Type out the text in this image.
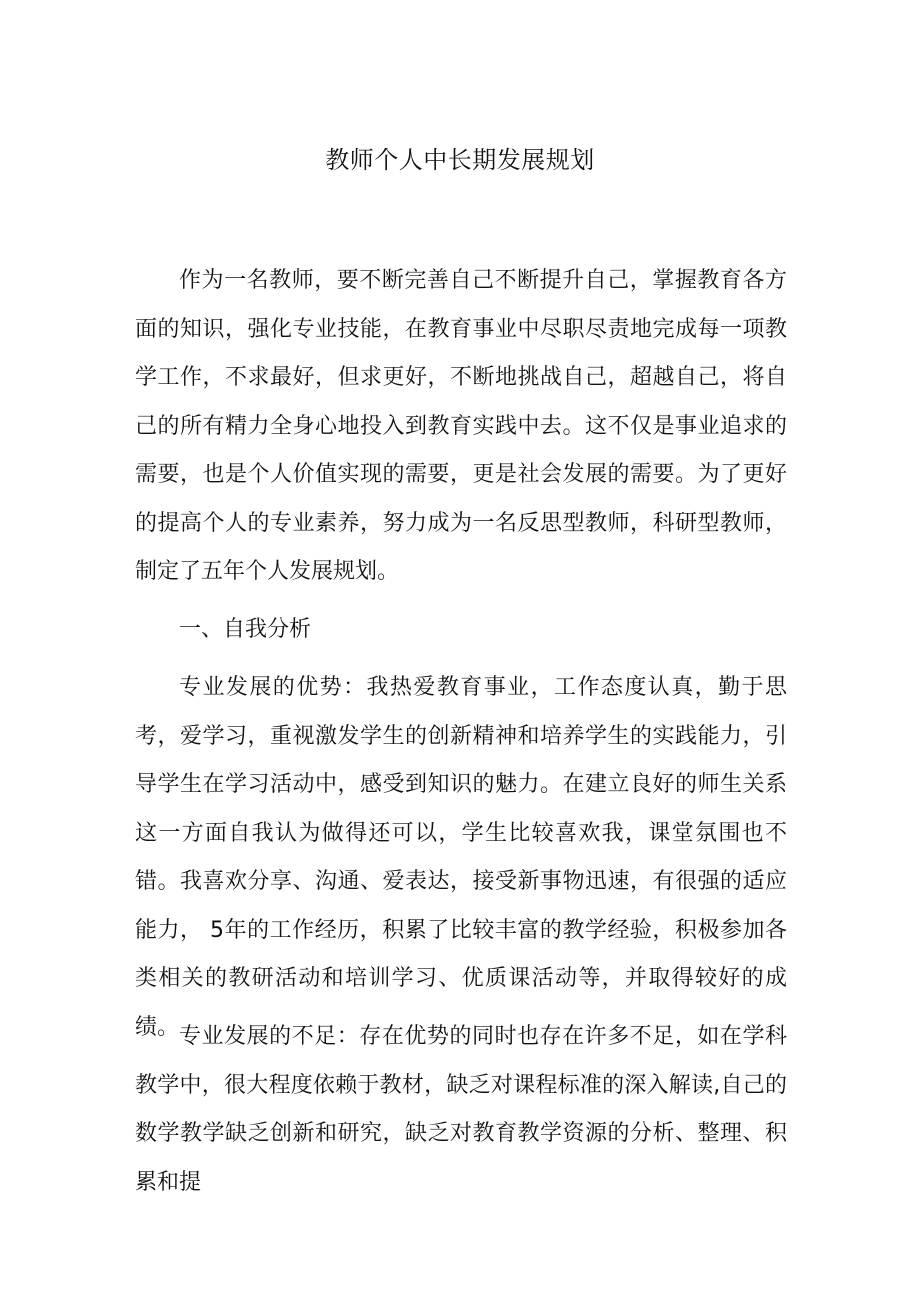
教师个人中长期发展规划

作为一名教师，要不断完善自己不断提升自己，掌握教育各方面的知识，强化专业技能，在教育事业中尽职尽责地完成每一项教学工作，不求最好，但求更好，不断地挑战自己，超越自己，将自己的所有精力全身心地投入到教育实践中去。这不仅是事业追求的需要，也是个人价值实现的需要，更是社会发展的需要。为了更好的提高个人的专业素养，努力成为一名反思型教师，科研型教师，制定了五年个人发展规划。

一、自我分析

专业发展的优势：我热爱教育事业，工作态度认真，勤于思考，爱学习，重视激发学生的创新精神和培养学生的实践能力，引导学生在学习活动中，感受到知识的魅力。在建立良好的师生关系这一方面自我认为做得还可以，学生比较喜欢我，课堂氛围也不错。我喜欢分享、沟通、爱表达，接受新事物迅速，有很强的适应能力， 5年的工作经历，积累了比较丰富的教学经验，积极参加各类相关的教研活动和培训学习、优质课活动等，并取得较好的成绩。 专业发展的不足：存在优势的同时也存在许多不足，如在学科教学中，很大程度依赖于教材，缺乏对课程标准的深入解读,自己的数学教学缺乏创新和研究，缺乏对教育教学资源的分析、整理、积累和提
